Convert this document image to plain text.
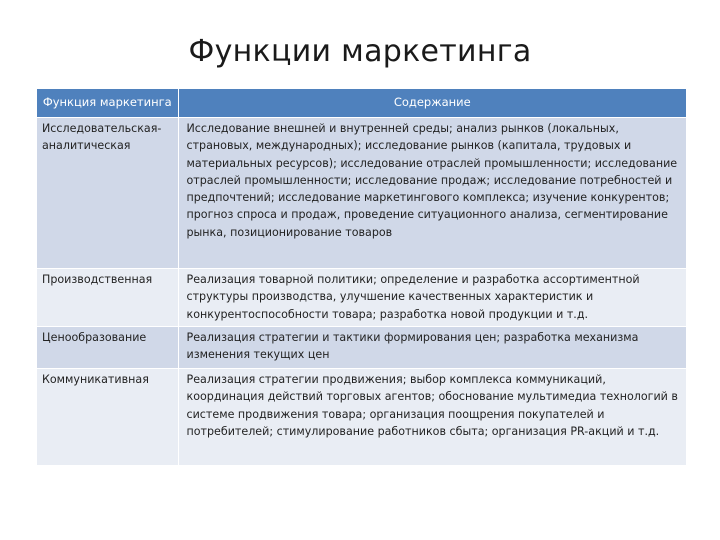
Функции маркетинга
Функция маркетинга	Содержание
Исследовательская-аналитическая	Исследование внешней и внутренней среды; анализ рынков (локальных, страновых, международных); исследование рынков (капитала, трудовых и материальных ресурсов); исследование отраслей промышленности; исследование отраслей промышленности; исследование продаж; исследование потребностей и предпочтений; исследование маркетингового комплекса; изучение конкурентов; прогноз спроса и продаж, проведение ситуационного анализа, сегментирование рынка, позиционирование товаров
Производственная	Реализация товарной политики; определение и разработка ассортиментной структуры производства, улучшение качественных характеристик и конкурентоспособности товара; разработка новой продукции и т.д.
Ценообразование	Реализация стратегии и тактики формирования цен; разработка механизма изменения текущих цен
Коммуникативная	Реализация стратегии продвижения; выбор комплекса коммуникаций, координация действий торговых агентов; обоснование мультимедиа технологий в системе продвижения товара; организация поощрения покупателей и потребителей; стимулирование работников сбыта; организация PR-акций и т.д.
